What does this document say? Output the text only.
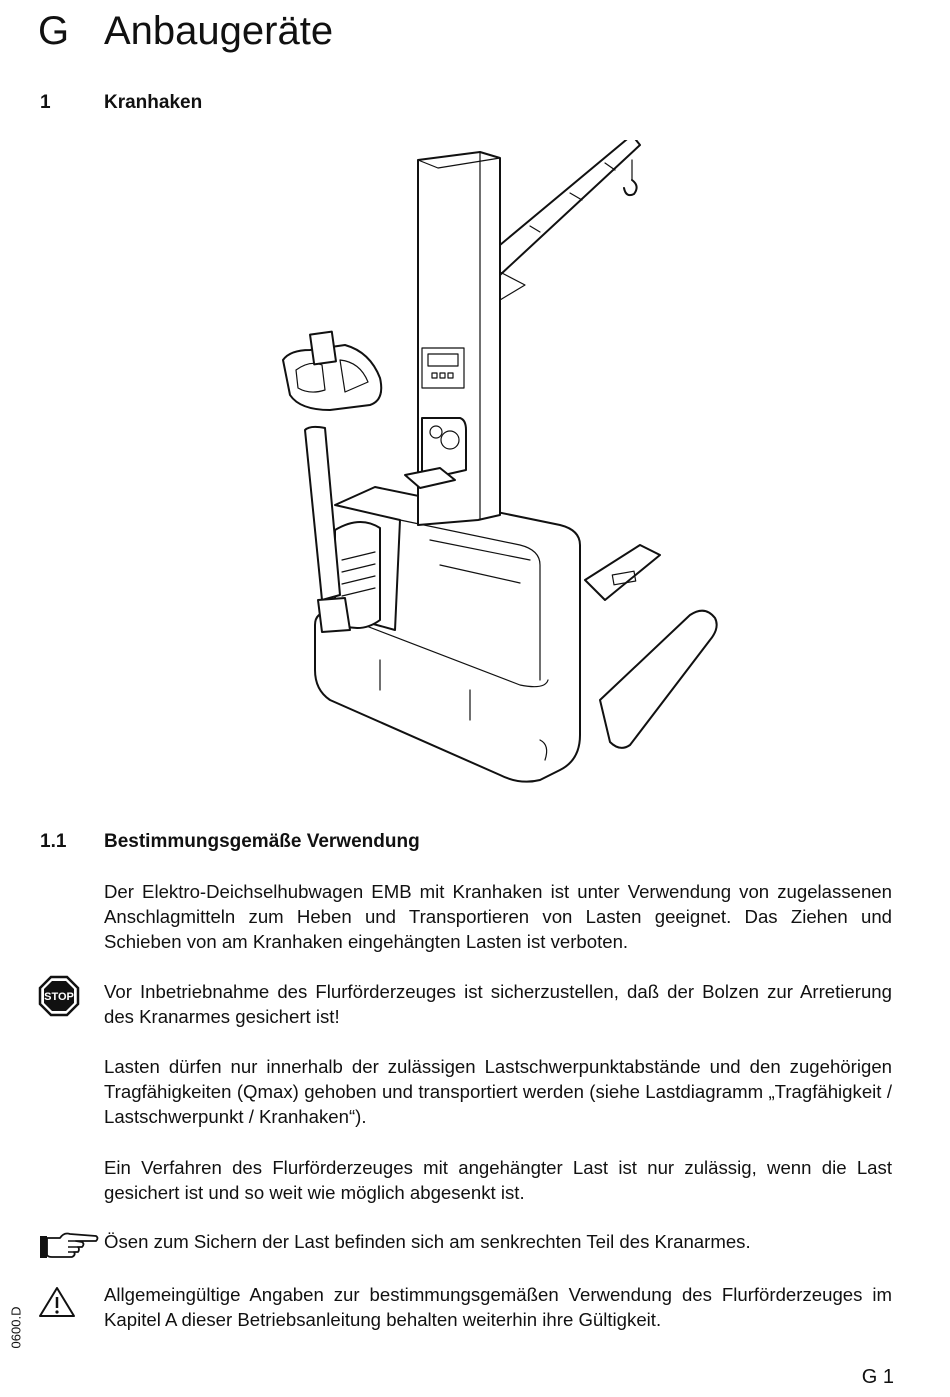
G Anbaugeräte
1	Kranhaken
1.1 Bestimmungsgemäße Verwendung

Der Elektro-Deichselhubwagen EMB mit Kranhaken ist unter Verwendung von zugelassenen Anschlagmitteln zum Heben und Transportieren von Lasten geeignet. Das Ziehen und Schieben von am Kranhaken eingehängten Lasten ist verboten.

STOP Vor Inbetriebnahme des Flurförderzeuges ist sicherzustellen, daß der Bolzen zur Arretierung des Kranarmes gesichert ist!

Lasten dürfen nur innerhalb der zulässigen Lastschwerpunktabstände und den zugehörigen Tragfähigkeiten (Qmax) gehoben und transportiert werden (siehe Lastdiagramm „Tragfähigkeit / Lastschwerpunkt / Kranhaken“).

Ein Verfahren des Flurförderzeuges mit angehängter Last ist nur zulässig, wenn die Last gesichert ist und so weit wie möglich abgesenkt ist.

Ösen zum Sichern der Last befinden sich am senkrechten Teil des Kranarmes.

Allgemeingültige Angaben zur bestimmungsgemäßen Verwendung des Flurförderzeuges im Kapitel A dieser Betriebsanleitung behalten weiterhin ihre Gültigkeit.

0600.D
G 1
